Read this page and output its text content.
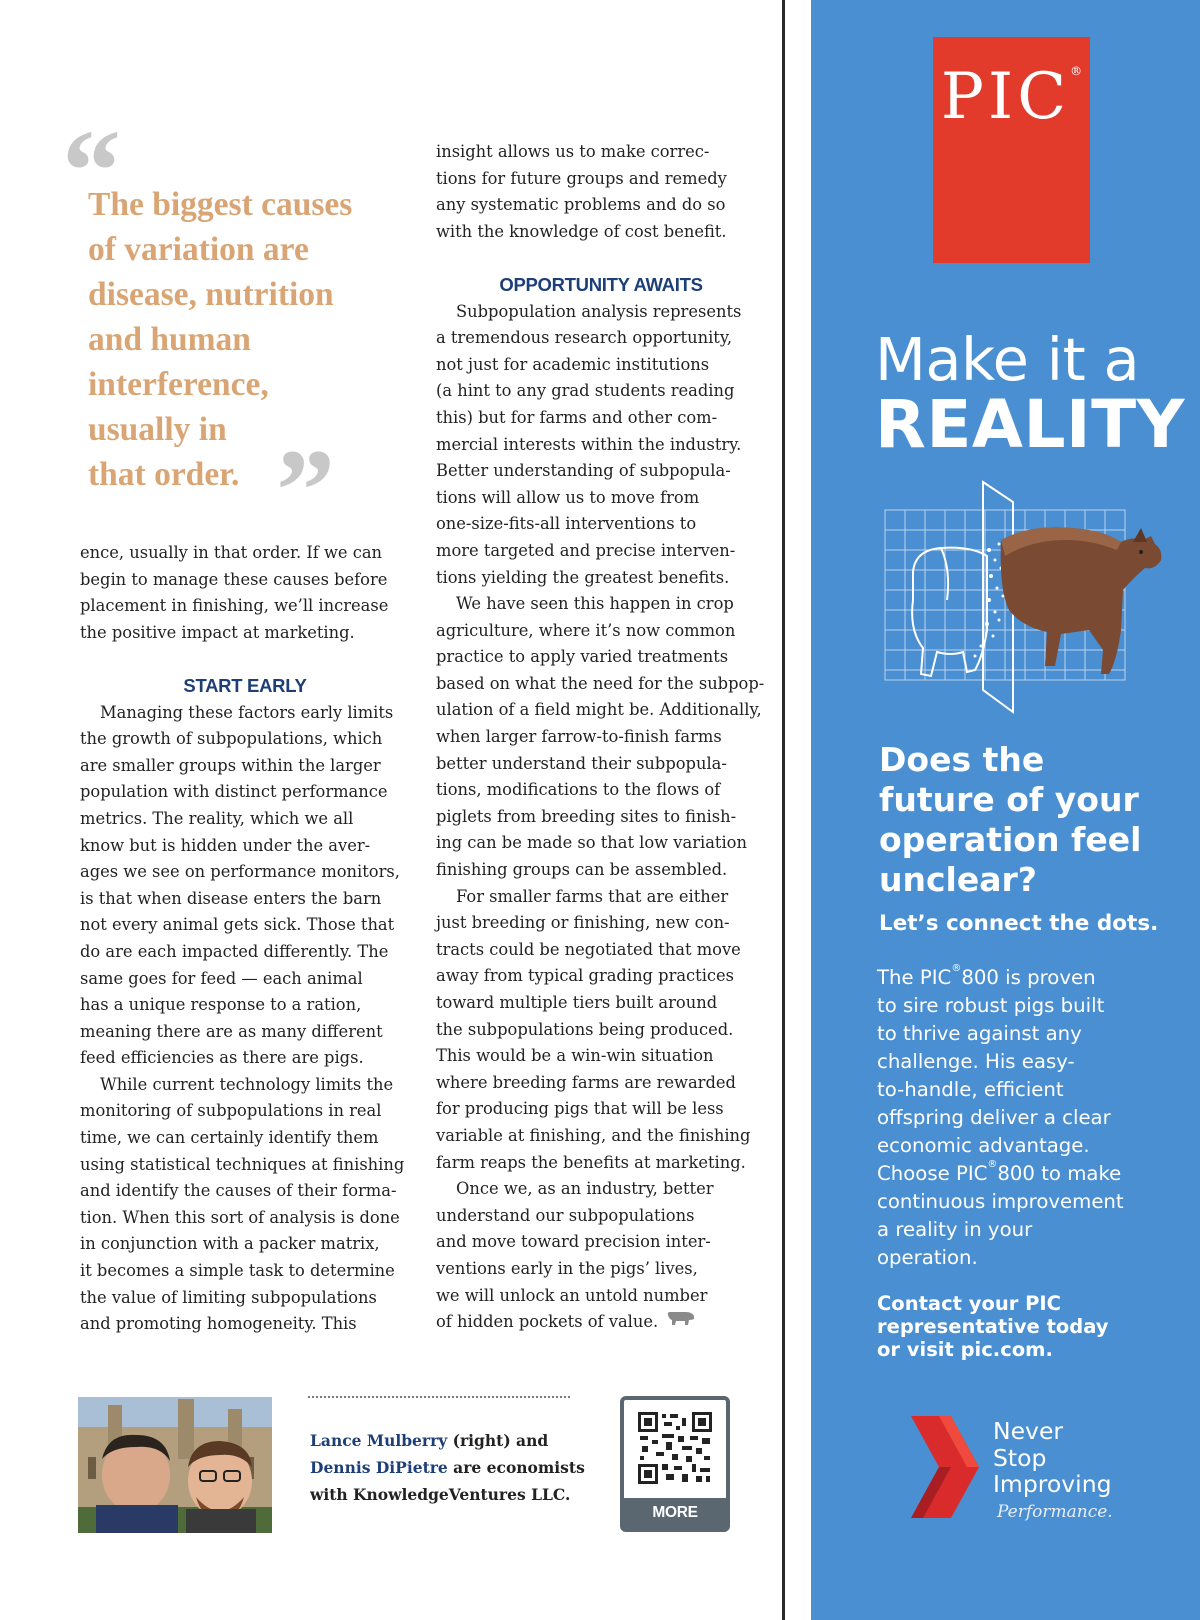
“
The biggest causes
of variation are
disease, nutrition
and human
interference,
usually in
that order. ”

ence, usually in that order. If we can

begin to manage these causes before

placement in finishing, we’ll increase

the positive impact at marketing.

START EARLY

Managing these factors early limits

the growth of subpopulations, which

are smaller groups within the larger

population with distinct performance

metrics. The reality, which we all

know but is hidden under the aver-

ages we see on performance monitors,

is that when disease enters the barn

not every animal gets sick. Those that

do are each impacted differently. The

same goes for feed — each animal

has a unique response to a ration,

meaning there are as many different

feed efficiencies as there are pigs.

While current technology limits the

monitoring of subpopulations in real

time, we can certainly identify them

using statistical techniques at finishing

and identify the causes of their forma-

tion. When this sort of analysis is done

in conjunction with a packer matrix,

it becomes a simple task to determine

the value of limiting subpopulations

and promoting homogeneity. This

insight allows us to make correc-

tions for future groups and remedy

any systematic problems and do so

with the knowledge of cost benefit.

OPPORTUNITY AWAITS

Subpopulation analysis represents

a tremendous research opportunity,

not just for academic institutions

(a hint to any grad students reading

this) but for farms and other com-

mercial interests within the industry.

Better understanding of subpopula-

tions will allow us to move from

one-size-fits-all interventions to

more targeted and precise interven-

tions yielding the greatest benefits.

We have seen this happen in crop

agriculture, where it’s now common

practice to apply varied treatments

based on what the need for the subpop-

ulation of a field might be. Additionally,

when larger farrow-to-finish farms

better understand their subpopula-

tions, modifications to the flows of

piglets from breeding sites to finish-

ing can be made so that low variation

finishing groups can be assembled.

For smaller farms that are either

just breeding or finishing, new con-

tracts could be negotiated that move

away from typical grading practices

toward multiple tiers built around

the subpopulations being produced.

This would be a win-win situation

where breeding farms are rewarded

for producing pigs that will be less

variable at finishing, and the finishing

farm reaps the benefits at marketing.

Once we, as an industry, better

understand our subpopulations

and move toward precision inter-

ventions early in the pigs’ lives,

we will unlock an untold number

of hidden pockets of value.

Lance Mulberry (right) and
Dennis DiPietre are economists
with KnowledgeVentures LLC.
MORE ONLINE
PIC®
Make it a
REALITY
Does the
future of your
operation feel
unclear?
Let’s connect the dots.

The PIC®800 is proven

to sire robust pigs built

to thrive against any

challenge. His easy-

to-handle, efficient

offspring deliver a clear

economic advantage.

Choose PIC®800 to make

continuous improvement

a reality in your

operation.

Contact your PIC

representative today

or visit pic.com.

Never

Stop

Improving

Performance.
